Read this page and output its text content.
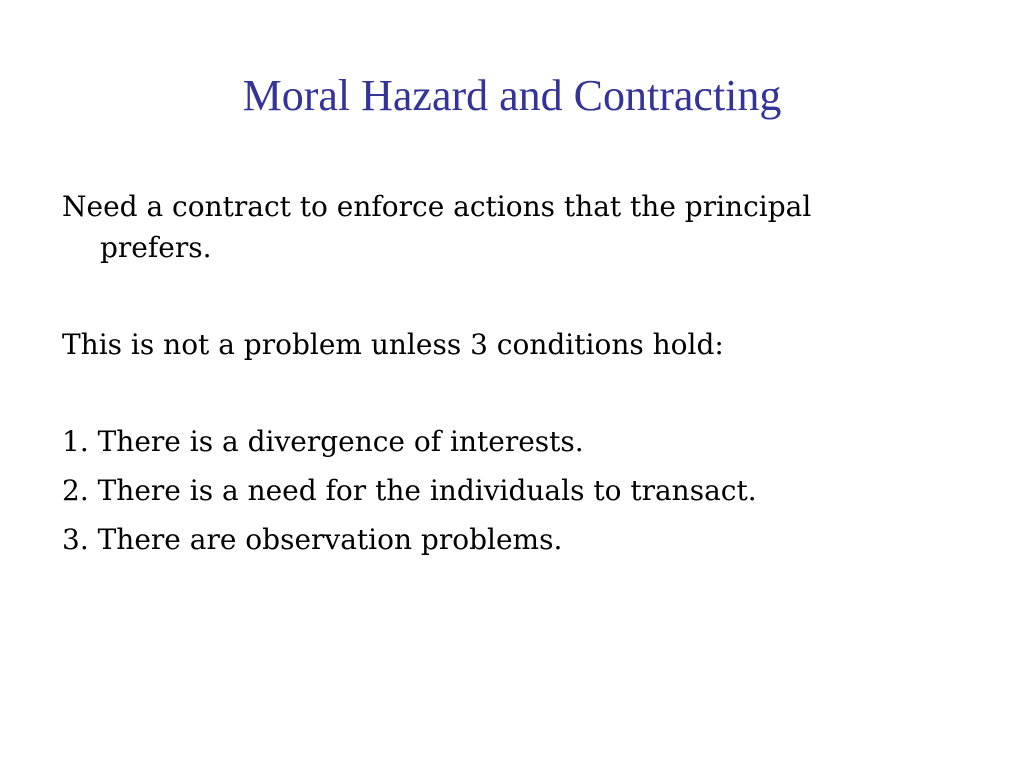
Moral Hazard and Contracting

Need a contract to enforce actions that the principal prefers.

This is not a problem unless 3 conditions hold:

1. There is a divergence of interests.

2. There is a need for the individuals to transact.

3. There are observation problems.
